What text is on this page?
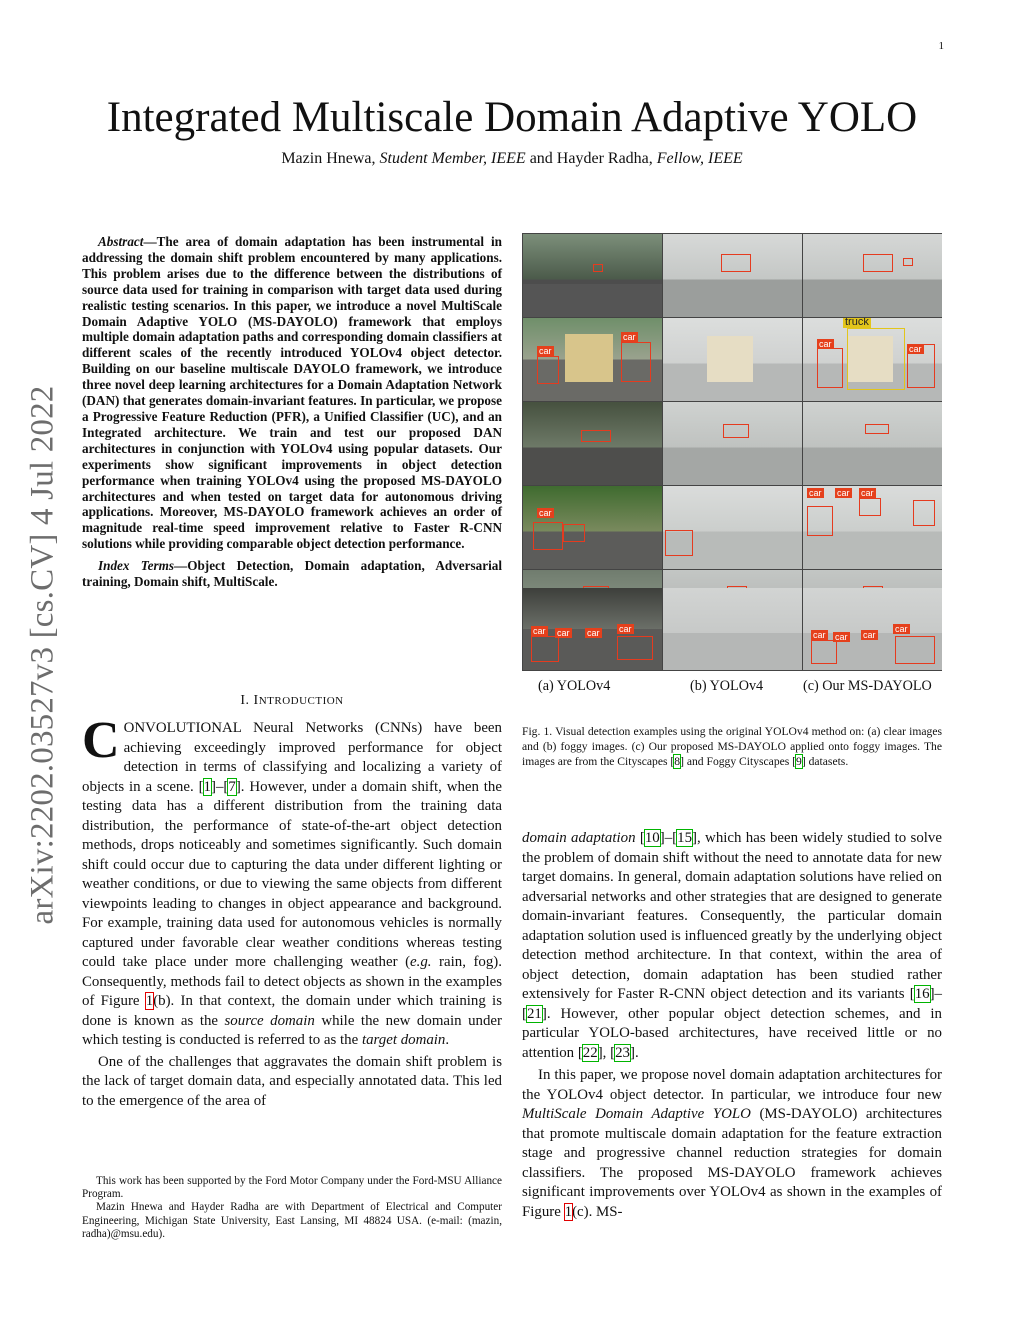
1
arXiv:2202.03527v3 [cs.CV] 4 Jul 2022
Integrated Multiscale Domain Adaptive YOLO
Mazin Hnewa, Student Member, IEEE and Hayder Radha, Fellow, IEEE

Abstract—The area of domain adaptation has been instrumental in addressing the domain shift problem encountered by many applications. This problem arises due to the difference between the distributions of source data used for training in comparison with target data used during realistic testing scenarios. In this paper, we introduce a novel MultiScale Domain Adaptive YOLO (MS-DAYOLO) framework that employs multiple domain adaptation paths and corresponding domain classifiers at different scales of the recently introduced YOLOv4 object detector. Building on our baseline multiscale DAYOLO framework, we introduce three novel deep learning architectures for a Domain Adaptation Network (DAN) that generates domain-invariant features. In particular, we propose a Progressive Feature Reduction (PFR), a Unified Classifier (UC), and an Integrated architecture. We train and test our proposed DAN architectures in conjunction with YOLOv4 using popular datasets. Our experiments show significant improvements in object detection performance when training YOLOv4 using the proposed MS-DAYOLO architectures and when tested on target data for autonomous driving applications. Moreover, MS-DAYOLO framework achieves an order of magnitude real-time speed improvement relative to Faster R-CNN solutions while providing comparable object detection performance.

Index Terms—Object Detection, Domain adaptation, Adversarial training, Domain shift, MultiScale.

I. INTRODUCTION

CONVOLUTIONAL Neural Networks (CNNs) have been achieving exceedingly improved performance for object detection in terms of classifying and localizing a variety of objects in a scene. [1]–[7]. However, under a domain shift, when the testing data has a different distribution from the training data distribution, the performance of state-of-the-art object detection methods, drops noticeably and sometimes significantly. Such domain shift could occur due to capturing the data under different lighting or weather conditions, or due to viewing the same objects from different viewpoints leading to changes in object appearance and background. For example, training data used for autonomous vehicles is normally captured under favorable clear weather conditions whereas testing could take place under more challenging weather (e.g. rain, fog). Consequently, methods fail to detect objects as shown in the examples of Figure 1(b). In that context, the domain under which training is done is known as the source domain while the new domain under which testing is conducted is referred to as the target domain.

One of the challenges that aggravates the domain shift problem is the lack of target domain data, and especially annotated data. This led to the emergence of the area of

This work has been supported by the Ford Motor Company under the Ford-MSU Alliance Program.

Mazin Hnewa and Hayder Radha are with Department of Electrical and Computer Engineering, Michigan State University, East Lansing, MI 48824 USA. (e-mail: (mazin, radha)@msu.edu).

car
car
truck
car	car
car
car car car
car car car car
car car car
car
(a) YOLOv4	(b) YOLOv4	(c) Our MS-DAYOLO
Fig. 1. Visual detection examples using the original YOLOv4 method on: (a) clear images and (b) foggy images. (c) Our proposed MS-DAYOLO applied onto foggy images. The images are from the Cityscapes [8] and Foggy Cityscapes [9] datasets.

domain adaptation [10]–[15], which has been widely studied to solve the problem of domain shift without the need to annotate data for new target domains. In general, domain adaptation solutions have relied on adversarial networks and other strategies that are designed to generate domain-invariant features. Consequently, the particular domain adaptation solution used is influenced greatly by the underlying object detection method architecture. In that context, within the area of object detection, domain adaptation has been studied rather extensively for Faster R-CNN object detection and its variants [16]–[21]. However, other popular object detection schemes, and in particular YOLO-based architectures, have received little or no attention [22], [23].

In this paper, we propose novel domain adaptation architectures for the YOLOv4 object detector. In particular, we introduce four new MultiScale Domain Adaptive YOLO (MS-DAYOLO) architectures that promote multiscale domain adaptation for the feature extraction stage and progressive channel reduction strategies for domain classifiers. The proposed MS-DAYOLO framework achieves significant improvements over YOLOv4 as shown in the examples of Figure 1(c). MS-
